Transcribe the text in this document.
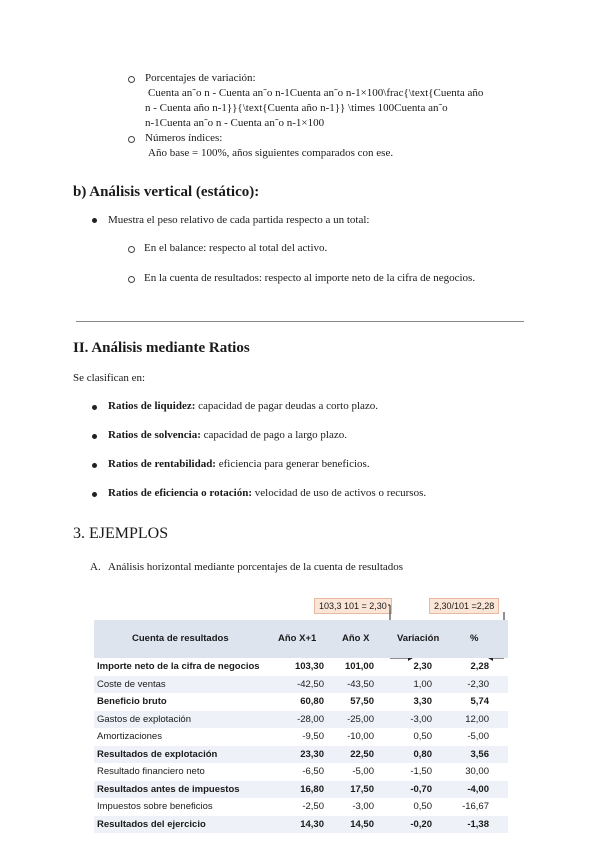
Porcentajes de variación:
Cuenta an˜o n - Cuenta an˜o n-1Cuenta an˜o n-1×100\frac{\text{Cuenta año
n - Cuenta año n-1}}{\text{Cuenta año n-1}} \times 100Cuenta an˜o
n-1Cuenta an˜o n - Cuenta an˜o n-1×100
Números índices:
Año base = 100%, años siguientes comparados con ese.
b) Análisis vertical (estático):
Muestra el peso relativo de cada partida respecto a un total:
En el balance: respecto al total del activo.
En la cuenta de resultados: respecto al importe neto de la cifra de negocios.
II. Análisis mediante Ratios
Se clasifican en:
Ratios de liquidez: capacidad de pagar deudas a corto plazo.
Ratios de solvencia: capacidad de pago a largo plazo.
Ratios de rentabilidad: eficiencia para generar beneficios.
Ratios de eficiencia o rotación: velocidad de uso de activos o recursos.
3. EJEMPLOS
A. Análisis horizontal mediante porcentajes de la cuenta de resultados
103,3 101 = 2,30	2,30/101 =2,28
Cuenta de resultados	Año X+1	Año X	Variación	%
Importe neto de la cifra de negocios	103,30	101,00	2,30	2,28
Coste de ventas	-42,50	-43,50	1,00	-2,30
Beneficio bruto	60,80	57,50	3,30	5,74
Gastos de explotación	-28,00	-25,00	-3,00	12,00
Amortizaciones	-9,50	-10,00	0,50	-5,00
Resultados de explotación	23,30	22,50	0,80	3,56
Resultado financiero neto	-6,50	-5,00	-1,50	30,00
Resultados antes de impuestos	16,80	17,50	-0,70	-4,00
Impuestos sobre beneficios	-2,50	-3,00	0,50	-16,67
Resultados del ejercicio	14,30	14,50	-0,20	-1,38
